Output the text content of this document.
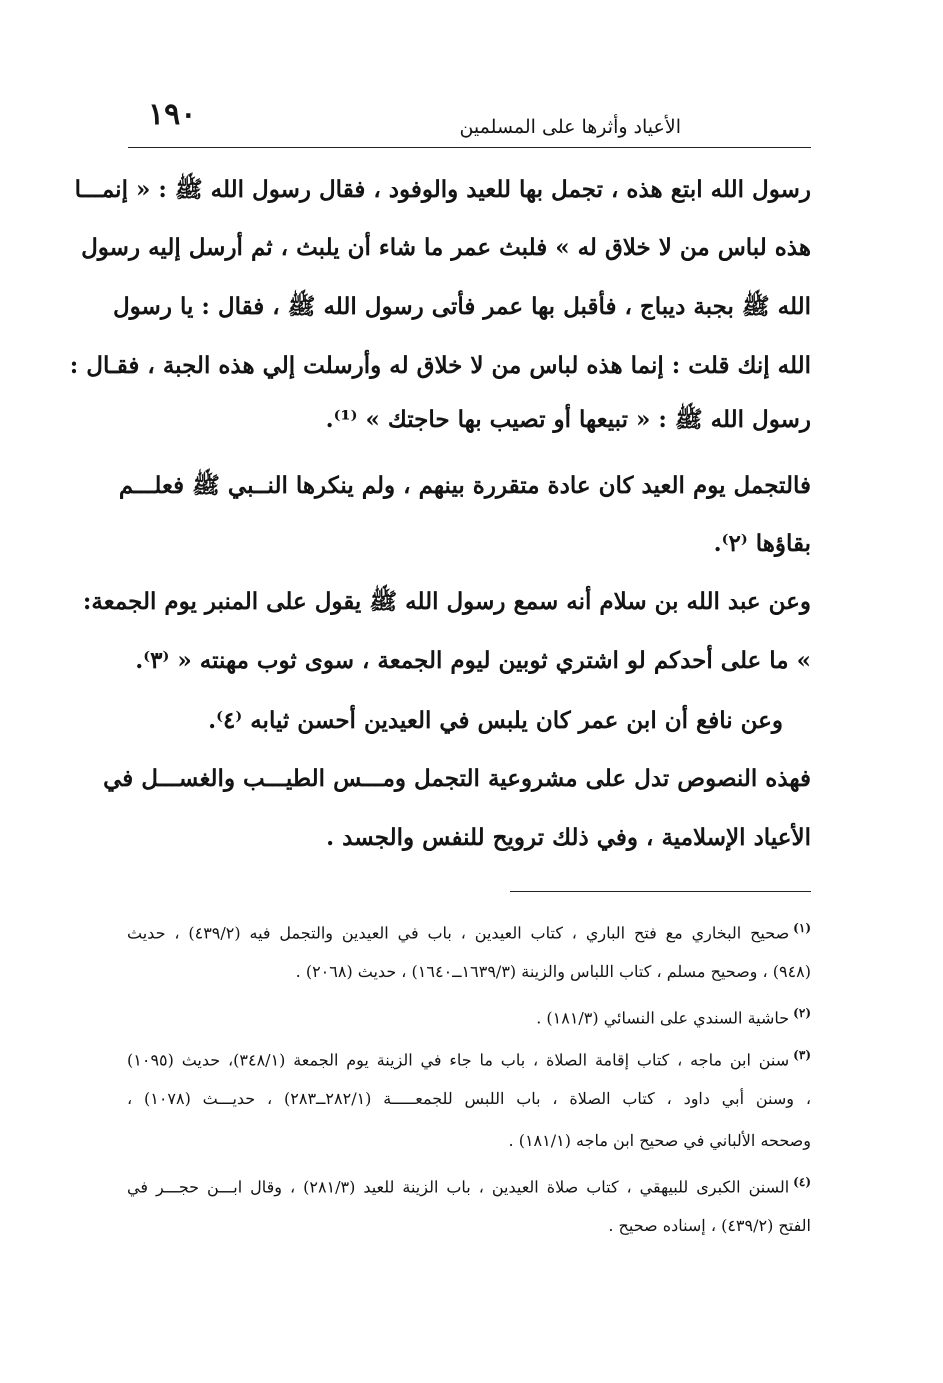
١٩٠	الأعياد وأثرها على المسلمين
رسول الله ابتع هذه ، تجمل بها للعيد والوفود ، فقال رسول الله ﷺ : « إنمـــا
هذه لباس من لا خلاق له » فلبث عمر ما شاء أن يلبث ، ثم أرسل إليه رسول
الله ﷺ بجبة ديباج ، فأقبل بها عمر فأتى رسول الله ﷺ ، فقال : يا رسول
الله إنك قلت : إنما هذه لباس من لا خلاق له وأرسلت إلي هذه الجبة ، فقـال :
رسول الله ﷺ : « تبيعها أو تصيب بها حاجتك » ⁽¹⁾.
فالتجمل يوم العيد كان عادة متقررة بينهم ، ولم ينكرها النــبي ﷺ فعلـــم
بقاؤها ⁽٢⁾.
وعن عبد الله بن سلام أنه سمع رسول الله ﷺ يقول على المنبر يوم الجمعة:
» ما على أحدكم لو اشتري ثوبين ليوم الجمعة ، سوى ثوب مهنته « ⁽٣⁾.
وعن نافع أن ابن عمر كان يلبس في العيدين أحسن ثيابه ⁽٤⁾.
فهذه النصوص تدل على مشروعية التجمل ومـــس الطيـــب والغســـل في
الأعياد الإسلامية ، وفي ذلك ترويح للنفس والجسد .
$^{(١)}$صحيح البخاري مع فتح الباري ، كتاب العيدين ، باب في العيدين والتجمل فيه (٤٣٩/٢) ، حديث
(٩٤٨) ، وصحيح مسلم ، كتاب اللباس والزينة (١٦٣٩/٣ــ١٦٤٠) ، حديث (٢٠٦٨) .
$^{(٢)}$حاشية السندي على النسائي (١٨١/٣) .
$^{(٣)}$سنن ابن ماجه ، كتاب إقامة الصلاة ، باب ما جاء في الزينة يوم الجمعة (٣٤٨/١)، حديث (١٠٩٥)
، وسنن أبي داود ، كتاب الصلاة ، باب اللبس للجمعـــــة (٢٨٢/١ــ٢٨٣) ، حديـــث (١٠٧٨) ،
وصححه الألباني في صحيح ابن ماجه (١٨١/١) .
$^{(٤)}$السنن الكبرى للبيهقي ، كتاب صلاة العيدين ، باب الزينة للعيد (٢٨١/٣) ، وقال ابـــن حجـــر في
الفتح (٤٣٩/٢) ، إسناده صحيح .
